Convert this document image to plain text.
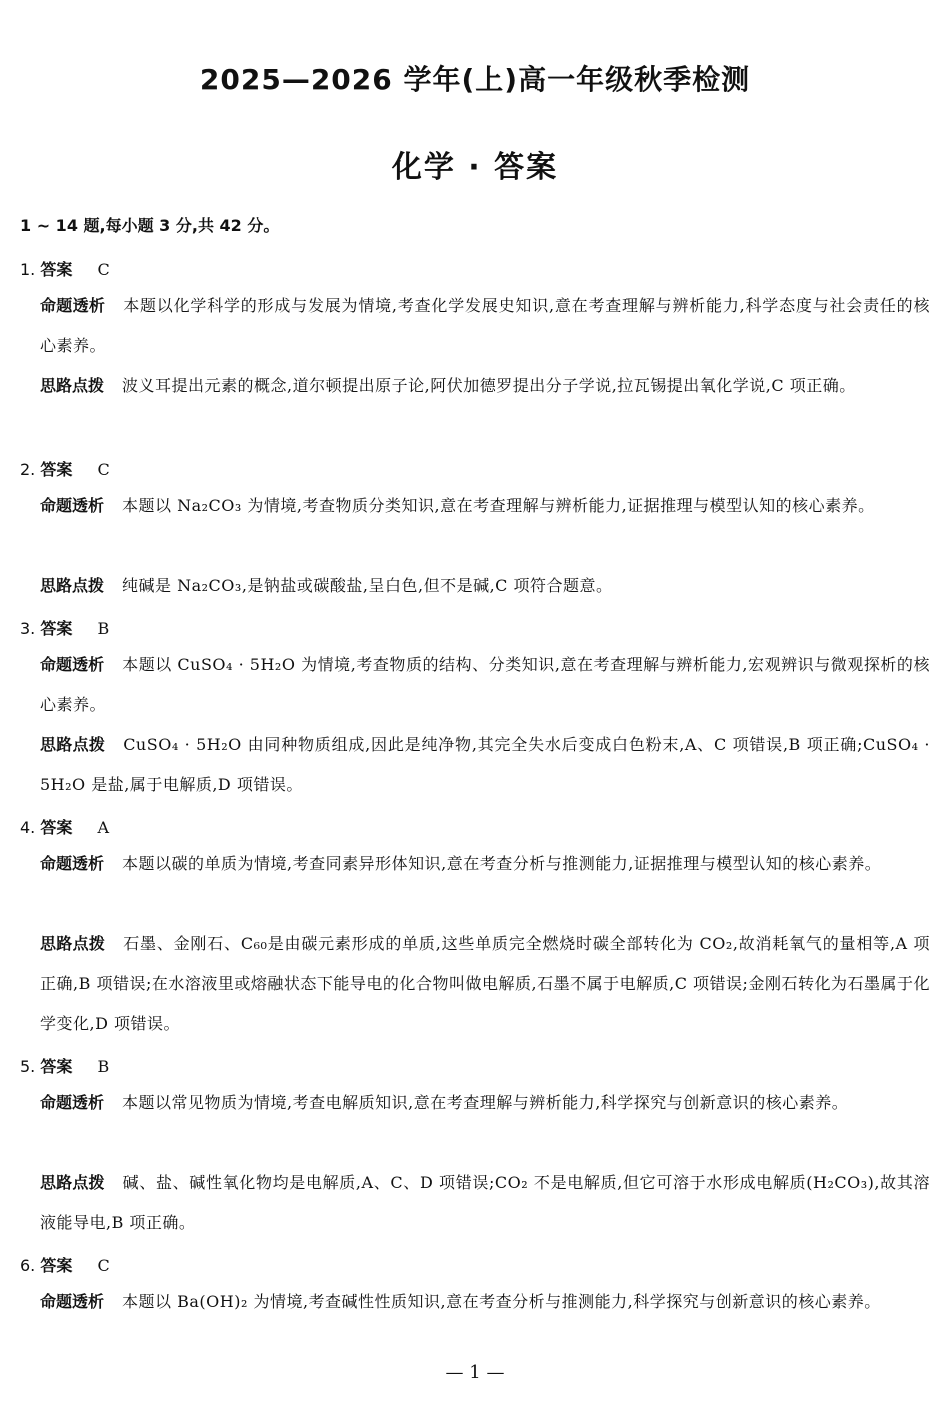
2025—2026 学年(上)高一年级秋季检测
化学 · 答案
1 ~ 14 题,每小题 3 分,共 42 分。
1. 答案 C
命题透析 本题以化学科学的形成与发展为情境,考查化学发展史知识,意在考查理解与辨析能力,科学态度与社会责任的核心素养。
思路点拨 波义耳提出元素的概念,道尔顿提出原子论,阿伏加德罗提出分子学说,拉瓦锡提出氧化学说,C 项正确。
2. 答案 C
命题透析 本题以 Na₂CO₃ 为情境,考查物质分类知识,意在考查理解与辨析能力,证据推理与模型认知的核心素养。
思路点拨 纯碱是 Na₂CO₃,是钠盐或碳酸盐,呈白色,但不是碱,C 项符合题意。
3. 答案 B
命题透析 本题以 CuSO₄ · 5H₂O 为情境,考查物质的结构、分类知识,意在考查理解与辨析能力,宏观辨识与微观探析的核心素养。
思路点拨 CuSO₄ · 5H₂O 由同种物质组成,因此是纯净物,其完全失水后变成白色粉末,A、C 项错误,B 项正确;CuSO₄ · 5H₂O 是盐,属于电解质,D 项错误。
4. 答案 A
命题透析 本题以碳的单质为情境,考查同素异形体知识,意在考查分析与推测能力,证据推理与模型认知的核心素养。
思路点拨 石墨、金刚石、C₆₀是由碳元素形成的单质,这些单质完全燃烧时碳全部转化为 CO₂,故消耗氧气的量相等,A 项正确,B 项错误;在水溶液里或熔融状态下能导电的化合物叫做电解质,石墨不属于电解质,C 项错误;金刚石转化为石墨属于化学变化,D 项错误。
5. 答案 B
命题透析 本题以常见物质为情境,考查电解质知识,意在考查理解与辨析能力,科学探究与创新意识的核心素养。
思路点拨 碱、盐、碱性氧化物均是电解质,A、C、D 项错误;CO₂ 不是电解质,但它可溶于水形成电解质(H₂CO₃),故其溶液能导电,B 项正确。
6. 答案 C
命题透析 本题以 Ba(OH)₂ 为情境,考查碱性性质知识,意在考查分析与推测能力,科学探究与创新意识的核心素养。
— 1 —
